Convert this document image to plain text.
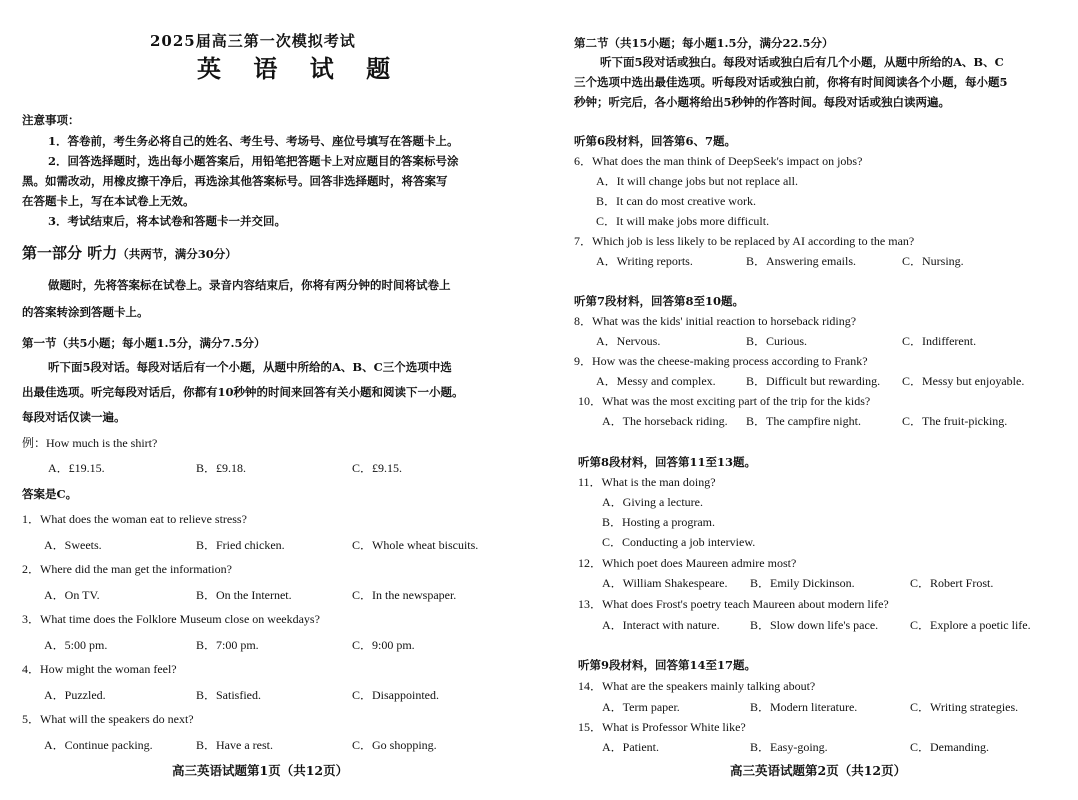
2025届高三第一次模拟考试
英 语 试 题
注意事项：
1．答卷前，考生务必将自己的姓名、考生号、考场号、座位号填写在答题卡上。
2．回答选择题时，选出每小题答案后，用铅笔把答题卡上对应题目的答案标号涂
黑。如需改动，用橡皮擦干净后，再选涂其他答案标号。回答非选择题时，将答案写
在答题卡上，写在本试卷上无效。
3．考试结束后，将本试卷和答题卡一并交回。
第一部分 听力（共两节，满分30分）
做题时，先将答案标在试卷上。录音内容结束后，你将有两分钟的时间将试卷上
的答案转涂到答题卡上。
第一节（共5小题；每小题1.5分，满分7.5分）
听下面5段对话。每段对话后有一个小题，从题中所给的A、B、C三个选项中选
出最佳选项。听完每段对话后，你都有10秒钟的时间来回答有关小题和阅读下一小题。
每段对话仅读一遍。
例：How much is the shirt?
A．£19.15.	B．£9.18.	C．£9.15.
答案是C。
1．What does the woman eat to relieve stress?
A．Sweets.	B．Fried chicken.	C．Whole wheat biscuits.
2．Where did the man get the information?
A．On TV.	B．On the Internet.	C．In the newspaper.
3．What time does the Folklore Museum close on weekdays?
A．5:00 pm.	B．7:00 pm.	C．9:00 pm.
4．How might the woman feel?
A．Puzzled.	B．Satisfied.	C．Disappointed.
5．What will the speakers do next?
A．Continue packing.	B．Have a rest.	C．Go shopping.
高三英语试题第1页（共12页）
第二节（共15小题；每小题1.5分，满分22.5分）
听下面5段对话或独白。每段对话或独白后有几个小题，从题中所给的A、B、C
三个选项中选出最佳选项。听每段对话或独白前，你将有时间阅读各个小题，每小题5
秒钟；听完后，各小题将给出5秒钟的作答时间。每段对话或独白读两遍。
听第6段材料，回答第6、7题。
6．What does the man think of DeepSeek's impact on jobs?
A．It will change jobs but not replace all.
B．It can do most creative work.
C．It will make jobs more difficult.
7．Which job is less likely to be replaced by AI according to the man?
A．Writing reports.	B．Answering emails.	C．Nursing.
听第7段材料，回答第8至10题。
8．What was the kids' initial reaction to horseback riding?
A．Nervous.	B．Curious.	C．Indifferent.
9．How was the cheese-making process according to Frank?
A．Messy and complex.	B．Difficult but rewarding. C．Messy but enjoyable.
10．What was the most exciting part of the trip for the kids?
A．The horseback riding. B．The campfire night.	C．The fruit-picking.
听第8段材料，回答第11至13题。
11．What is the man doing?
A．Giving a lecture.
B．Hosting a program.
C．Conducting a job interview.
12．Which poet does Maureen admire most?
A．William Shakespeare. B．Emily Dickinson.	C．Robert Frost.
13．What does Frost's poetry teach Maureen about modern life?
A．Interact with nature.	B．Slow down life's pace.	C．Explore a poetic life.
听第9段材料，回答第14至17题。
14．What are the speakers mainly talking about?
A．Term paper.	B．Modern literature.	C．Writing strategies.
15．What is Professor White like?
A．Patient.	B．Easy-going.	C．Demanding.
高三英语试题第2页（共12页）
